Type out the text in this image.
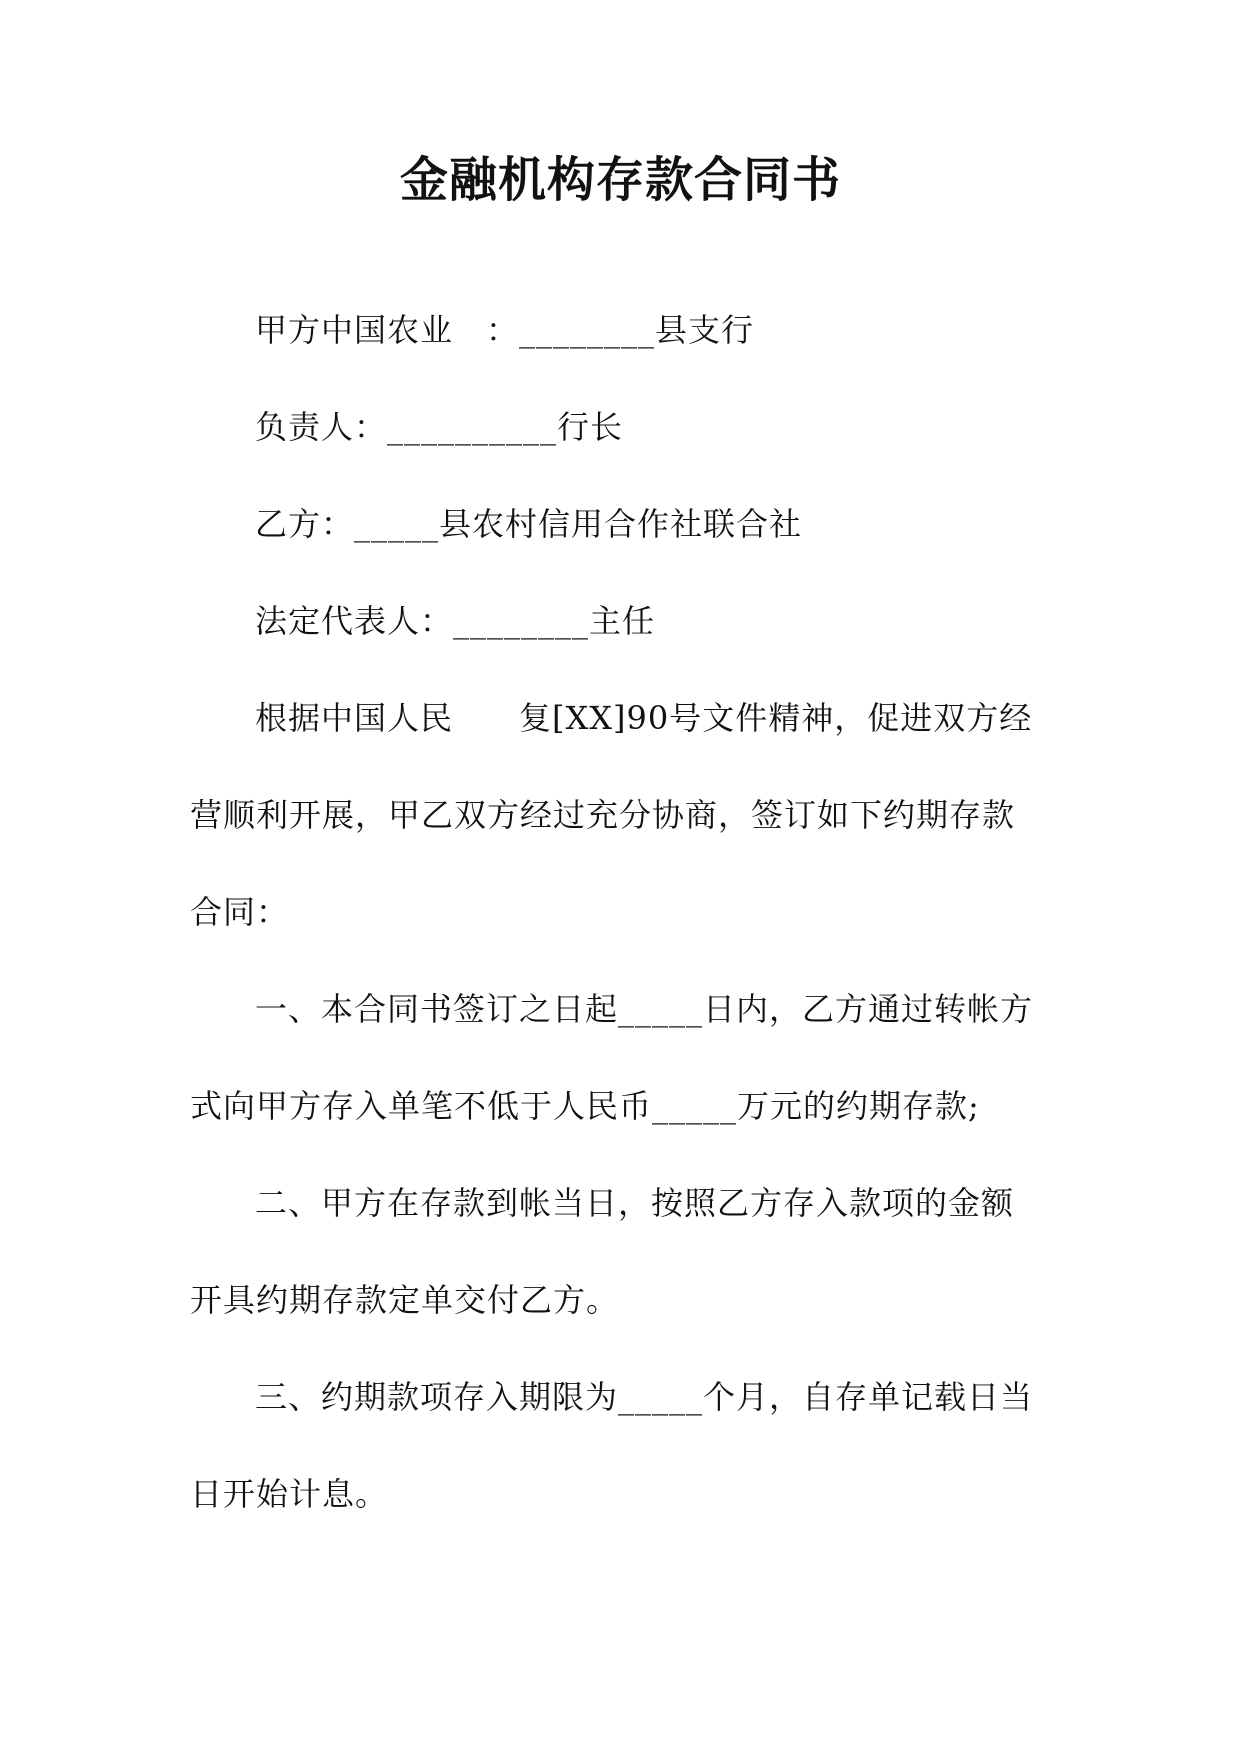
金融机构存款合同书
甲方中国农业　：________县支行
负责人：__________行长
乙方：_____县农村信用合作社联合社
法定代表人：________主任
根据中国人民　　复[XX]90号文件精神，促进双方经
营顺利开展，甲乙双方经过充分协商，签订如下约期存款
合同：
一、本合同书签订之日起_____日内，乙方通过转帐方
式向甲方存入单笔不低于人民币_____万元的约期存款;
二、甲方在存款到帐当日，按照乙方存入款项的金额
开具约期存款定单交付乙方。
三、约期款项存入期限为_____个月，自存单记载日当
日开始计息。
